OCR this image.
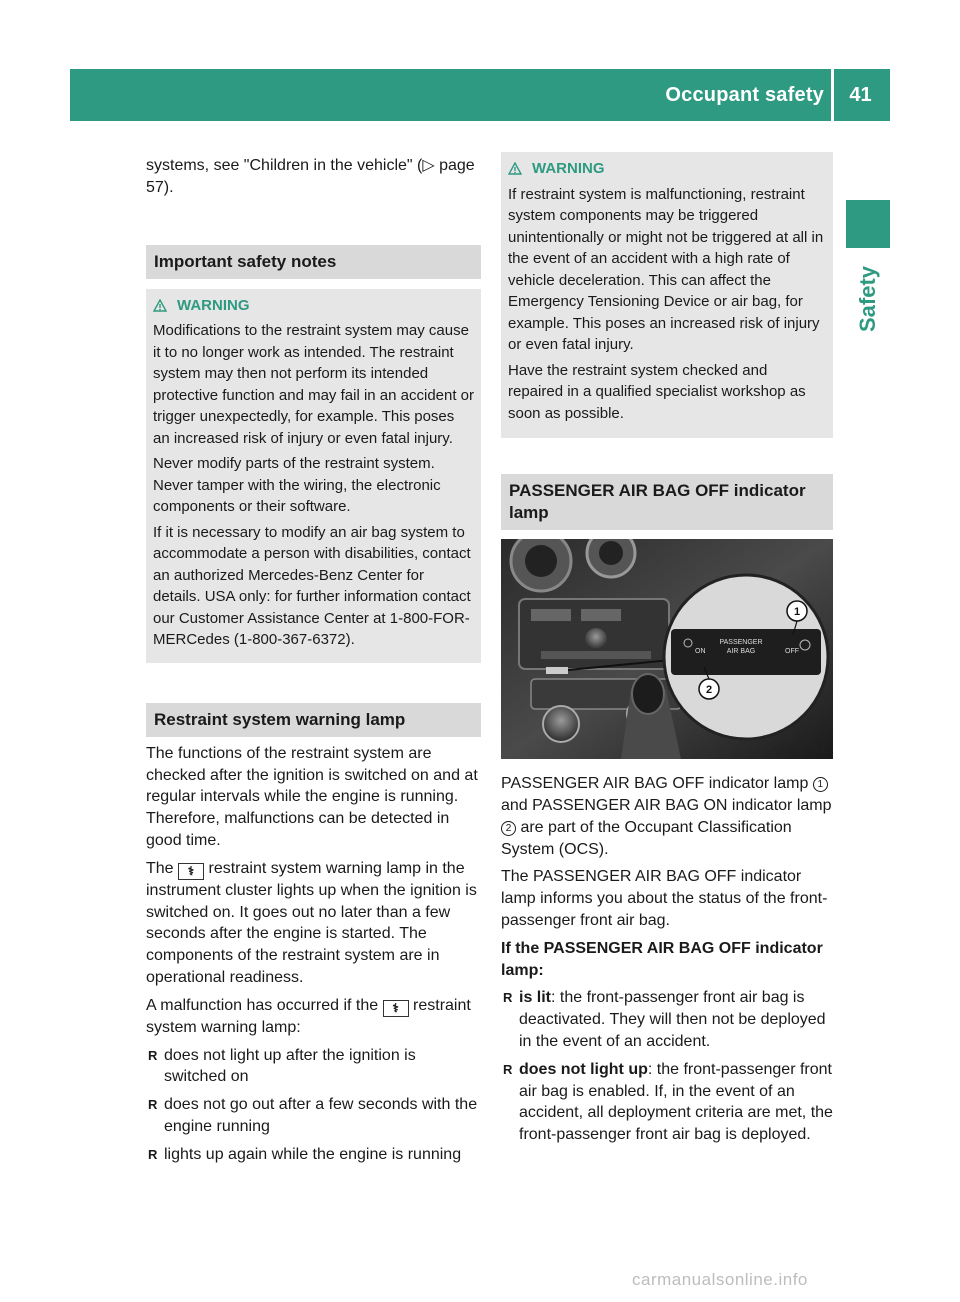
Occupant safety	41
Safety

systems, see "Children in the vehicle" (▷ page 57).

Important safety notes
WARNING

Modifications to the restraint system may cause it to no longer work as intended. The restraint system may then not perform its intended protective function and may fail in an accident or trigger unexpectedly, for example. This poses an increased risk of injury or even fatal injury.

Never modify parts of the restraint system. Never tamper with the wiring, the electronic components or their software.

If it is necessary to modify an air bag system to accommodate a person with disabilities, contact an authorized Mercedes-Benz Center for details. USA only: for further information contact our Customer Assistance Center at 1-800-FOR-MERCedes (1-800-367-6372).

Restraint system warning lamp

The functions of the restraint system are checked after the ignition is switched on and at regular intervals while the engine is running. Therefore, malfunctions can be detected in good time.

The ⚕ restraint system warning lamp in the instrument cluster lights up when the ignition is switched on. It goes out no later than a few seconds after the engine is started. The components of the restraint system are in operational readiness.

A malfunction has occurred if the ⚕ restraint system warning lamp:

R does not light up after the ignition is switched on
R does not go out after a few seconds with the engine running
R lights up again while the engine is running
WARNING

If restraint system is malfunctioning, restraint system components may be triggered unintentionally or might not be triggered at all in the event of an accident with a high rate of vehicle deceleration. This can affect the Emergency Tensioning Device or air bag, for example. This poses an increased risk of injury or even fatal injury.

Have the restraint system checked and repaired in a qualified specialist workshop as soon as possible.

PASSENGER AIR BAG OFF indicator lamp
PASSENGER
AIR BAG
ON	OFF
1
2
P68.10-4569-31

PASSENGER AIR BAG OFF indicator lamp 1 and PASSENGER AIR BAG ON indicator lamp 2 are part of the Occupant Classification System (OCS).

The PASSENGER AIR BAG OFF indicator lamp informs you about the status of the front-passenger front air bag.

If the PASSENGER AIR BAG OFF indicator lamp:

R is lit: the front-passenger front air bag is deactivated. They will then not be deployed in the event of an accident.
R does not light up: the front-passenger front air bag is enabled. If, in the event of an accident, all deployment criteria are met, the front-passenger front air bag is deployed.
carmanualsonline.info
